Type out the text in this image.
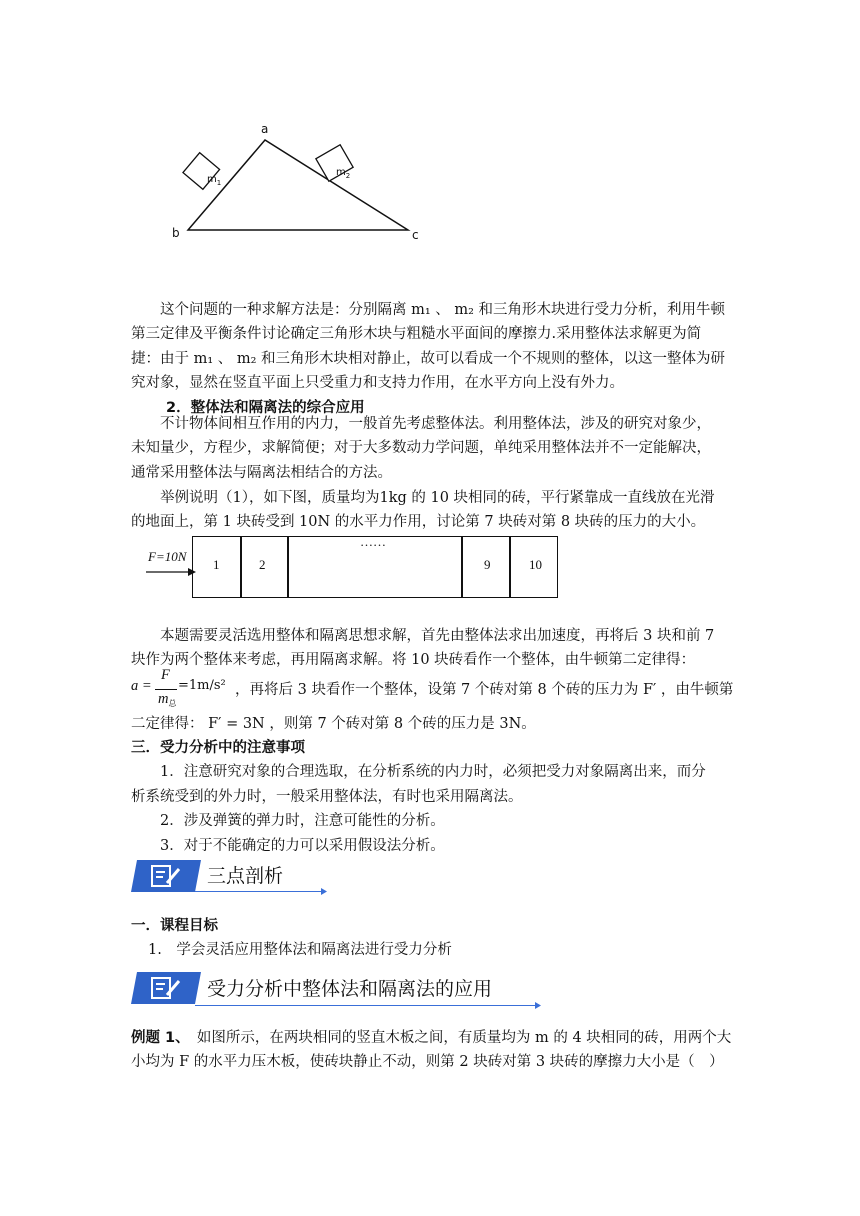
a
b	c
$m_1$
$m_2$
这个问题的一种求解方法是：分别隔离 m₁ 、 m₂ 和三角形木块进行受力分析，利用牛顿
第三定律及平衡条件讨论确定三角形木块与粗糙水平面间的摩擦力.采用整体法求解更为简
捷：由于 m₁ 、 m₂ 和三角形木块相对静止，故可以看成一个不规则的整体，以这一整体为研
究对象，显然在竖直平面上只受重力和支持力作用，在水平方向上没有外力。
2．整体法和隔离法的综合应用
不计物体间相互作用的内力，一般首先考虑整体法。利用整体法，涉及的研究对象少，
未知量少，方程少，求解简便；对于大多数动力学问题，单纯采用整体法并不一定能解决，
通常采用整体法与隔离法相结合的方法。
举例说明（1），如下图，质量均为1kg 的 10 块相同的砖，平行紧靠成一直线放在光滑
的地面上，第 1 块砖受到 10N 的水平力作用，讨论第 7 块砖对第 8 块砖的压力的大小。
F=10N
1	2
……
9	10
本题需要灵活选用整体和隔离思想求解，首先由整体法求出加速度，再将后 3 块和前 7
块作为两个整体来考虑，再用隔离求解。将 10 块砖看作一个整体，由牛顿第二定律得：
a =
F
$m_总$
=1m/s² ，再将后 3 块看作一个整体，设第 7 个砖对第 8 个砖的压力为 F′ ，由牛顿第
二定律得： F′ = 3N ，则第 7 个砖对第 8 个砖的压力是 3N。
三．受力分析中的注意事项
1．注意研究对象的合理选取，在分析系统的内力时，必须把受力对象隔离出来，而分
析系统受到的外力时，一般采用整体法，有时也采用隔离法。
2．涉及弹簧的弹力时，注意可能性的分析。
3．对于不能确定的力可以采用假设法分析。
三点剖析
一．课程目标
1.　学会灵活应用整体法和隔离法进行受力分析
受力分析中整体法和隔离法的应用
例题 1、　如图所示，在两块相同的竖直木板之间，有质量均为 m 的 4 块相同的砖，用两个大
小均为 F 的水平力压木板，使砖块静止不动，则第 2 块砖对第 3 块砖的摩擦力大小是（　）
